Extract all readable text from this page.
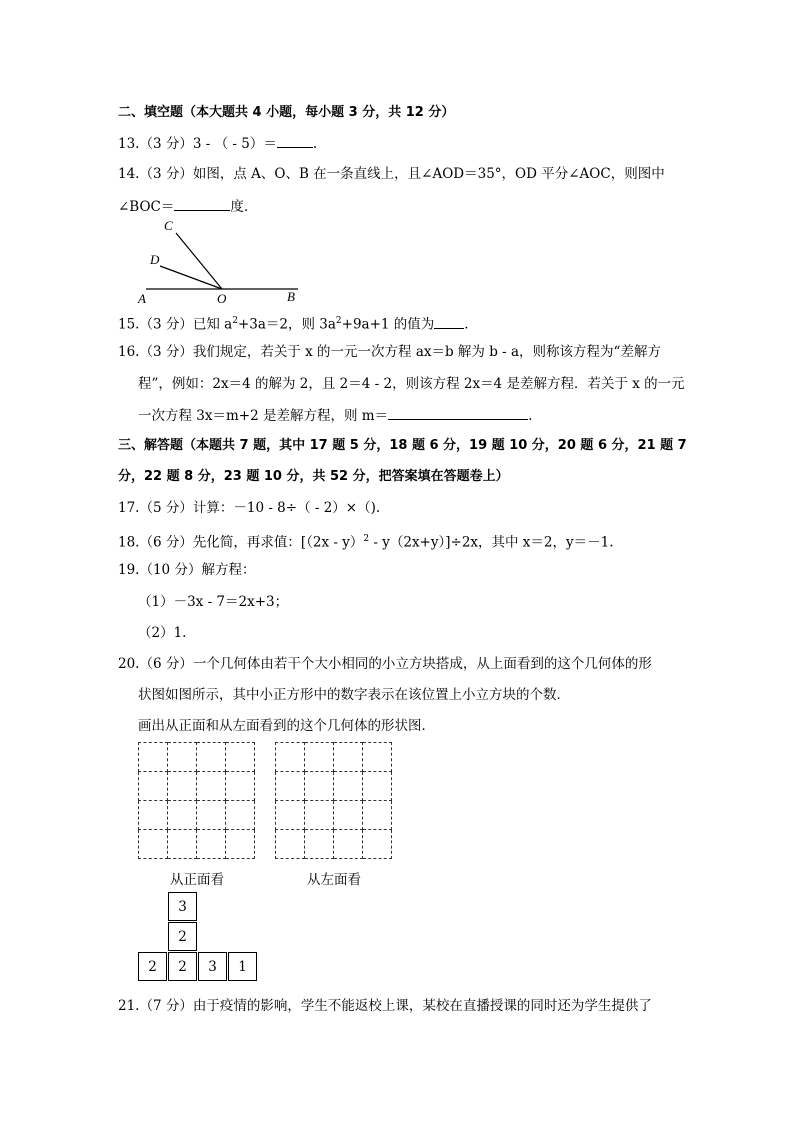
二、填空题（本大题共 4 小题，每小题 3 分，共 12 分）
13.（3 分）3 - （ - 5）＝	.
14.（3 分）如图，点 A、O、B 在一条直线上，且∠AOD＝35°，OD 平分∠AOC，则图中
∠BOC＝	度.
C
D
A	O	B
15.（3 分）已知 $a^2+3a=2$，则 $3a^2+9a+1$ 的值为 .
16.（3 分）我们规定，若关于 x 的一元一次方程 ax＝b 解为 b - a，则称该方程为“差解方
程”，例如：2x＝4 的解为 2，且 2＝4 - 2，则该方程 2x＝4 是差解方程．若关于 x 的一元
一次方程 3x＝m+2 是差解方程，则 m＝	.
三、解答题（本题共 7 题，其中 17 题 5 分，18 题 6 分，19 题 10 分，20 题 6 分，21 题 7
分，22 题 8 分，23 题 10 分，共 52 分，把答案填在答题卷上）
17.（5 分）计算：－10 - 8÷（ - 2）×（).
18.（6 分）先化简，再求值：[（2x - y）$^2$ - y（2x+y）]÷2x，其中 x＝2，y＝－1.
19.（10 分）解方程：
（1）－3x - 7＝2x+3；
（2）1.
20.（6 分）一个几何体由若干个大小相同的小立方块搭成，从上面看到的这个几何体的形
状图如图所示，其中小正方形中的数字表示在该位置上小立方块的个数．
画出从正面和从左面看到的这个几何体的形状图．

从正面看	从左面看
3
2
2	2	3	1
21.（7 分）由于疫情的影响，学生不能返校上课，某校在直播授课的同时还为学生提供了
